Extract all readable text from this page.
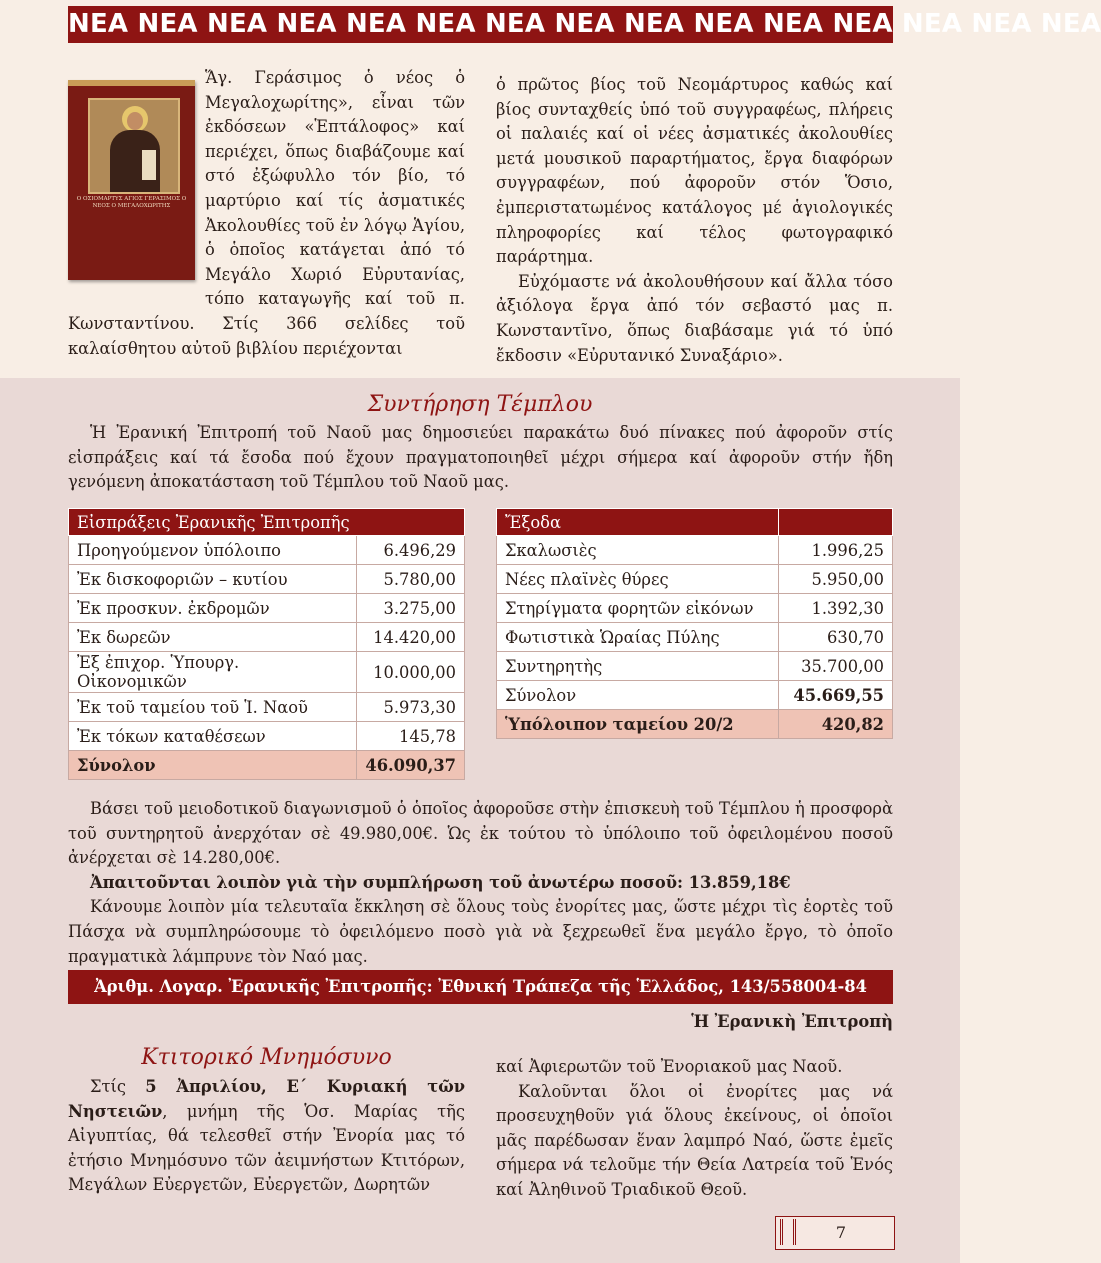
ΝΕΑ ΝΕΑ ΝΕΑ ΝΕΑ ΝΕΑ ΝΕΑ ΝΕΑ ΝΕΑ ΝΕΑ ΝΕΑ ΝΕΑ ΝΕΑ ΝΕΑ ΝΕΑ ΝΕΑ
Ο ΟΣΙΟΜΑΡΤΥΣ ΑΓΙΟΣ ΓΕΡΑΣΙΜΟΣ Ο ΝΕΟΣ Ο ΜΕΓΑΛΟΧΩΡΙΤΗΣ

Ἅγ. Γεράσιμος ὁ νέος ὁ Μεγαλοχωρίτης», εἶναι τῶν ἐκδόσεων «Ἑπτάλοφος» καί περιέχει, ὅπως διαβάζουμε καί στό ἐξώφυλλο τόν βίο, τό μαρτύριο καί τίς ἀσματικές Ἀκολουθίες τοῦ ἐν λόγῳ Ἁγίου, ὁ ὁποῖος κατάγεται ἀπό τό Μεγάλο Χωριό Εὐρυτανίας, τόπο καταγωγῆς καί τοῦ π. Κωνσταντίνου. Στίς 366 σελίδες τοῦ καλαίσθητου αὐτοῦ βιβλίου περιέχονται

ὁ πρῶτος βίος τοῦ Νεομάρτυρος καθώς καί βίος συνταχθείς ὑπό τοῦ συγγραφέως, πλήρεις οἱ παλαιές καί οἱ νέες ἀσματικές ἀκολουθίες μετά μουσικοῦ παραρτήματος, ἔργα διαφόρων συγγραφέων, πού ἀφοροῦν στόν Ὅσιο, ἐμπεριστατωμένος κατάλογος μέ ἁγιολογικές πληροφορίες καί τέλος φωτογραφικό παράρτημα.

Εὐχόμαστε νά ἀκολουθήσουν καί ἄλλα τόσο ἀξιόλογα ἔργα ἀπό τόν σεβαστό μας π. Κωνσταντῖνο, ὅπως διαβάσαμε γιά τό ὑπό ἔκδοσιν «Εὐρυτανικό Συναξάριο».

Συντήρηση Τέμπλου

Ἡ Ἐρανική Ἐπιτροπή τοῦ Ναοῦ μας δημοσιεύει παρακάτω δυό πίνακες πού ἀφοροῦν στίς εἰσπράξεις καί τά ἔσοδα πού ἔχουν πραγματοποιηθεῖ μέχρι σήμερα καί ἀφοροῦν στήν ἤδη γενόμενη ἀποκατάσταση τοῦ Τέμπλου τοῦ Ναοῦ μας.

Εἰσπράξεις Ἐρανικῆς Ἐπιτροπῆς	
Προηγούμενον ὑπόλοιπο	6.496,29
Ἐκ δισκοφοριῶν – κυτίου	5.780,00
Ἐκ προσκυν. ἐκδρομῶν	3.275,00
Ἐκ δωρεῶν	14.420,00
Ἐξ ἐπιχορ. Ὑπουργ. Οἰκονομικῶν	10.000,00
Ἐκ τοῦ ταμείου τοῦ Ἱ. Ναοῦ	5.973,30
Ἐκ τόκων καταθέσεων	145,78
Σύνολον	46.090,37
Ἔξοδα	
Σκαλωσιὲς	1.996,25
Νέες πλαϊνὲς θύρες	5.950,00
Στηρίγματα φορητῶν εἰκόνων	1.392,30
Φωτιστικὰ Ὡραίας Πύλης	630,70
Συντηρητὴς	35.700,00
Σύνολον	45.669,55
Ὑπόλοιπον ταμείου 20/2	420,82

Βάσει τοῦ μειοδοτικοῦ διαγωνισμοῦ ὁ ὁποῖος ἀφοροῦσε στὴν ἐπισκευὴ τοῦ Τέμπλου ἡ προσφορὰ τοῦ συντηρητοῦ ἀνερχόταν σὲ 49.980,00€. Ὡς ἐκ τούτου τὸ ὑπόλοιπο τοῦ ὀφειλομένου ποσοῦ ἀνέρχεται σὲ 14.280,00€.

Ἀπαιτοῦνται λοιπὸν γιὰ τὴν συμπλήρωση τοῦ ἀνωτέρω ποσοῦ: 13.859,18€

Κάνουμε λοιπὸν μία τελευταῖα ἔκκληση σὲ ὅλους τοὺς ἐνορίτες μας, ὥστε μέχρι τὶς ἑορτὲς τοῦ Πάσχα νὰ συμπληρώσουμε τὸ ὀφειλόμενο ποσὸ γιὰ νὰ ξεχρεωθεῖ ἕνα μεγάλο ἔργο, τὸ ὁποῖο πραγματικὰ λάμπρυνε τὸν Ναό μας.

Ἀριθμ. Λογαρ. Ἐρανικῆς Ἐπιτροπῆς: Ἐθνική Τράπεζα τῆς Ἑλλάδος, 143/558004-84
Ἡ Ἐρανικὴ Ἐπιτροπὴ
Κτιτορικό Μνημόσυνο

Στίς 5 Ἀπριλίου, Ε΄ Κυριακή τῶν Νηστειῶν, μνήμη τῆς Ὁσ. Μαρίας τῆς Αἰγυπτίας, θά τελεσθεῖ στήν Ἐνορία μας τό ἐτήσιο Μνημόσυνο τῶν ἀειμνήστων Κτιτόρων, Μεγάλων Εὐεργετῶν, Εὐεργετῶν, Δωρητῶν

καί Ἀφιερωτῶν τοῦ Ἐνοριακοῦ μας Ναοῦ.

Καλοῦνται ὅλοι οἱ ἐνορίτες μας νά προσευχηθοῦν γιά ὅλους ἐκείνους, οἱ ὁποῖοι μᾶς παρέδωσαν ἕναν λαμπρό Ναό, ὥστε ἐμεῖς σήμερα νά τελοῦμε τήν Θεία Λατρεία τοῦ Ἑνός καί Ἀληθινοῦ Τριαδικοῦ Θεοῦ.

7
